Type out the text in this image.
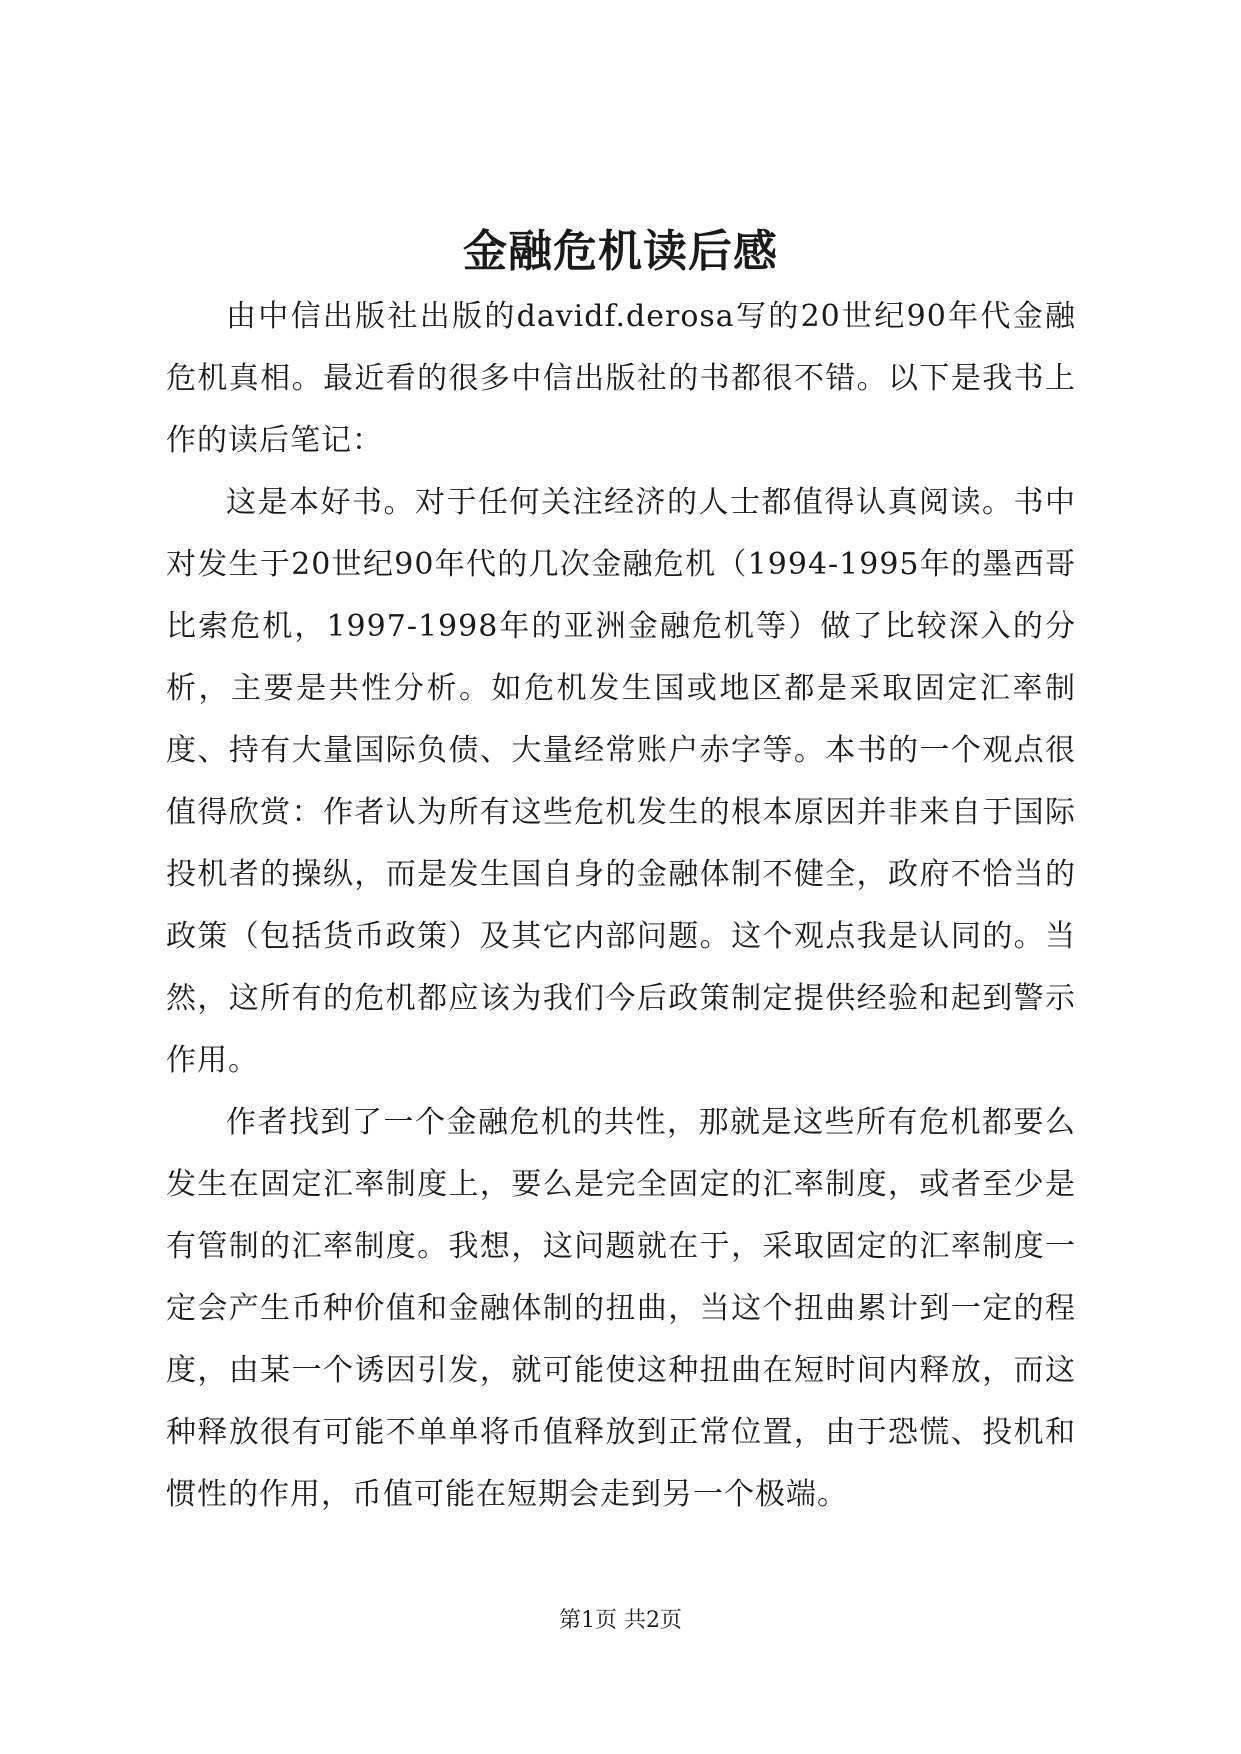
金融危机读后感

由中信出版社出版的davidf.derosa写的20世纪90年代金融危机真相。最近看的很多中信出版社的书都很不错。以下是我书上作的读后笔记：

这是本好书。对于任何关注经济的人士都值得认真阅读。书中对发生于20世纪90年代的几次金融危机（1994-1995年的墨西哥比索危机，1997-1998年的亚洲金融危机等）做了比较深入的分析，主要是共性分析。如危机发生国或地区都是采取固定汇率制度、持有大量国际负债、大量经常账户赤字等。本书的一个观点很值得欣赏：作者认为所有这些危机发生的根本原因并非来自于国际投机者的操纵，而是发生国自身的金融体制不健全，政府不恰当的政策（包括货币政策）及其它内部问题。这个观点我是认同的。当然，这所有的危机都应该为我们今后政策制定提供经验和起到警示作用。

作者找到了一个金融危机的共性，那就是这些所有危机都要么发生在固定汇率制度上，要么是完全固定的汇率制度，或者至少是有管制的汇率制度。我想，这问题就在于，采取固定的汇率制度一定会产生币种价值和金融体制的扭曲，当这个扭曲累计到一定的程度，由某一个诱因引发，就可能使这种扭曲在短时间内释放，而这种释放很有可能不单单将币值释放到正常位置，由于恐慌、投机和惯性的作用，币值可能在短期会走到另一个极端。

第1页 共2页
